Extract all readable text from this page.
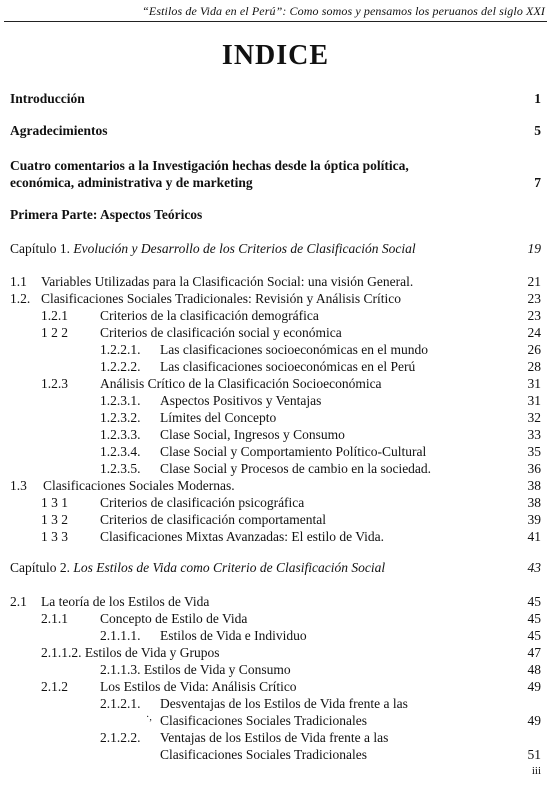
“Estilos de Vida en el Perú”: Como somos y pensamos los peruanos del siglo XXI
INDICE
Introducción	1
Agradecimientos	5
Cuatro comentarios a la Investigación hechas desde la óptica política,
económica, administrativa y de marketing	7
Primera Parte: Aspectos Teóricos
Capítulo 1. Evolución y Desarrollo de los Criterios de Clasificación Social	19
1.1 Variables Utilizadas para la Clasificación Social: una visión General.	21
1.2. Clasificaciones Sociales Tradicionales: Revisión y Análisis Crítico	23
1.2.1 Criterios de la clasificación demográfica	23
1 2 2 Criterios de clasificación social y económica	24
1.2.2.1. Las clasificaciones socioeconómicas en el mundo	26
1.2.2.2. Las clasificaciones socioeconómicas en el Perú	28
1.2.3 Análisis Crítico de la Clasificación Socioeconómica	31
1.2.3.1. Aspectos Positivos y Ventajas	31
1.2.3.2. Límites del Concepto	32
1.2.3.3. Clase Social, Ingresos y Consumo	33
1.2.3.4. Clase Social y Comportamiento Político-Cultural	35
1.2.3.5. Clase Social y Procesos de cambio en la sociedad.	36
1.3 Clasificaciones Sociales Modernas.	38
1 3 1 Criterios de clasificación psicográfica	38
1 3 2 Criterios de clasificación comportamental	39
1 3 3 Clasificaciones Mixtas Avanzadas: El estilo de Vida.	41
Capítulo 2. Los Estilos de Vida como Criterio de Clasificación Social	43
2.1 La teoría de los Estilos de Vida	45
2.1.1 Concepto de Estilo de Vida	45
2.1.1.1. Estilos de Vida e Individuo	45
2.1.1.2. Estilos de Vida y Grupos	47
2.1.1.3. Estilos de Vida y Consumo	48
2.1.2 Los Estilos de Vida: Análisis Crítico	49
2.1.2.1. Desventajas de los Estilos de Vida frente a las
·, Clasificaciones Sociales Tradicionales	49
2.1.2.2. Ventajas de los Estilos de Vida frente a las
Clasificaciones Sociales Tradicionales	51
iii
